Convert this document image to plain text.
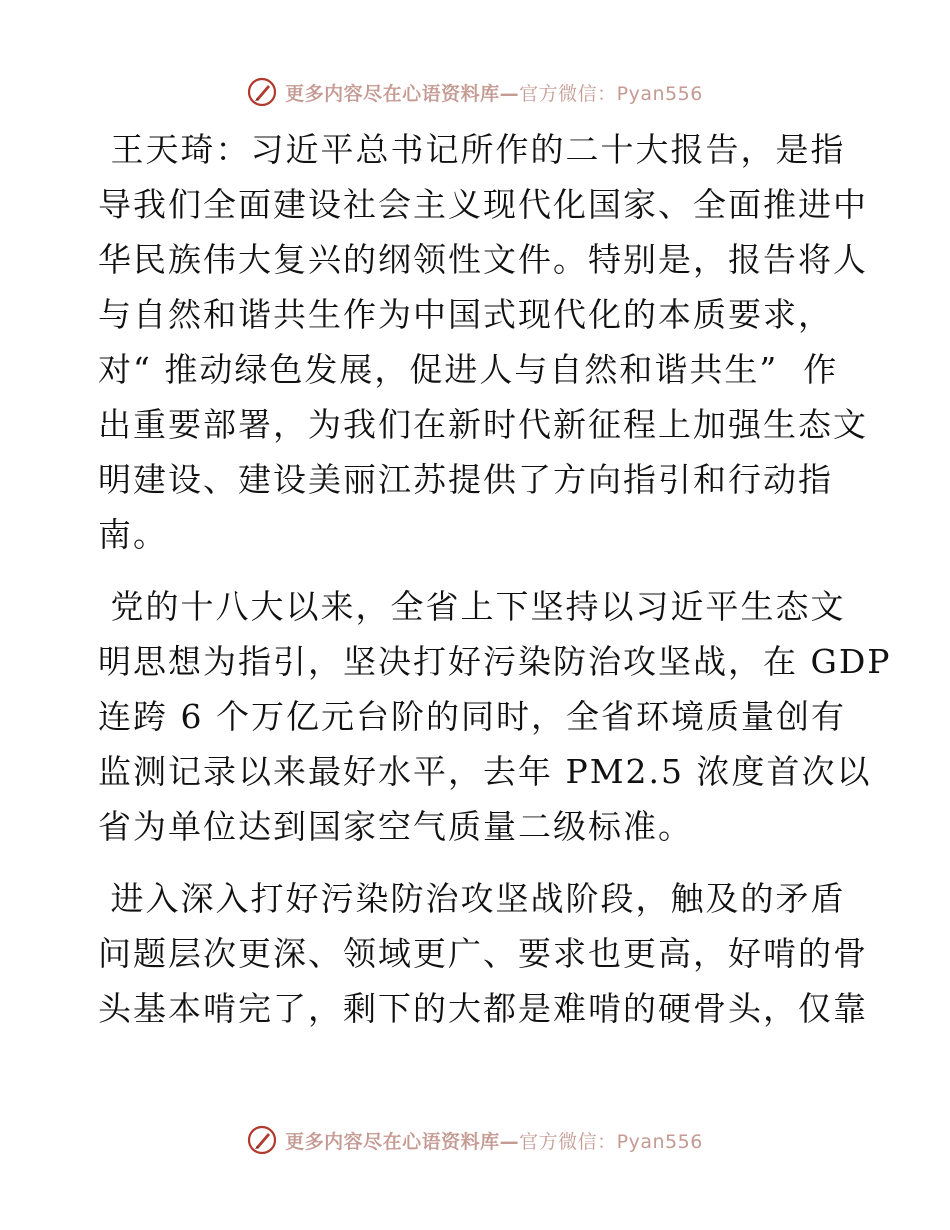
更多内容尽在心语资料库—官方微信：Pyan556
王天琦：习近平总书记所作的二十大报告，是指
导我们全面建设社会主义现代化国家、全面推进中
华民族伟大复兴的纲领性文件。特别是，报告将人
与自然和谐共生作为中国式现代化的本质要求，
对“ 推动绿色发展，促进人与自然和谐共生”  作
出重要部署，为我们在新时代新征程上加强生态文
明建设、建设美丽江苏提供了方向指引和行动指
南。
党的十八大以来，全省上下坚持以习近平生态文
明思想为指引，坚决打好污染防治攻坚战，在 GDP
连跨 6 个万亿元台阶的同时，全省环境质量创有
监测记录以来最好水平，去年 PM2.5 浓度首次以
省为单位达到国家空气质量二级标准。
进入深入打好污染防治攻坚战阶段，触及的矛盾
问题层次更深、领域更广、要求也更高，好啃的骨
头基本啃完了，剩下的大都是难啃的硬骨头，仅靠
更多内容尽在心语资料库—官方微信：Pyan556
